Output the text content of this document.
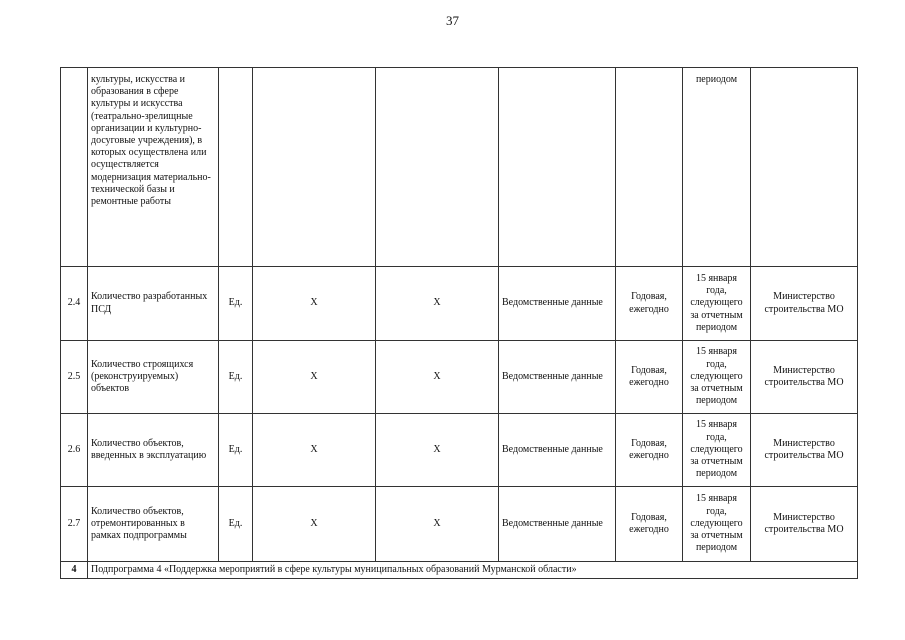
37
	культуры, искусства и образования в сфере культуры и искусства (театрально-зрелищные организации и культурно-досуговые учреждения), в которых осуществлена или осуществляется модернизация материально-технической базы и ремонтные работы						периодом	
2.4	Количество разработанных ПСД	Ед.	Х	Х	Ведомственные данные	Годовая, ежегодно	15 января года, следующего за отчетным периодом	Министерство строительства МО
2.5	Количество строящихся (реконструируемых) объектов	Ед.	Х	Х	Ведомственные данные	Годовая, ежегодно	15 января года, следующего за отчетным периодом	Министерство строительства МО
2.6	Количество объектов, введенных в эксплуатацию	Ед.	Х	Х	Ведомственные данные	Годовая, ежегодно	15 января года, следующего за отчетным периодом	Министерство строительства МО
2.7	Количество объектов, отремонтированных в рамках подпрограммы	Ед.	Х	Х	Ведомственные данные	Годовая, ежегодно	15 января года, следующего за отчетным периодом	Министерство строительства МО
4	Подпрограмма 4 «Поддержка мероприятий в сфере культуры муниципальных образований Мурманской области»							
